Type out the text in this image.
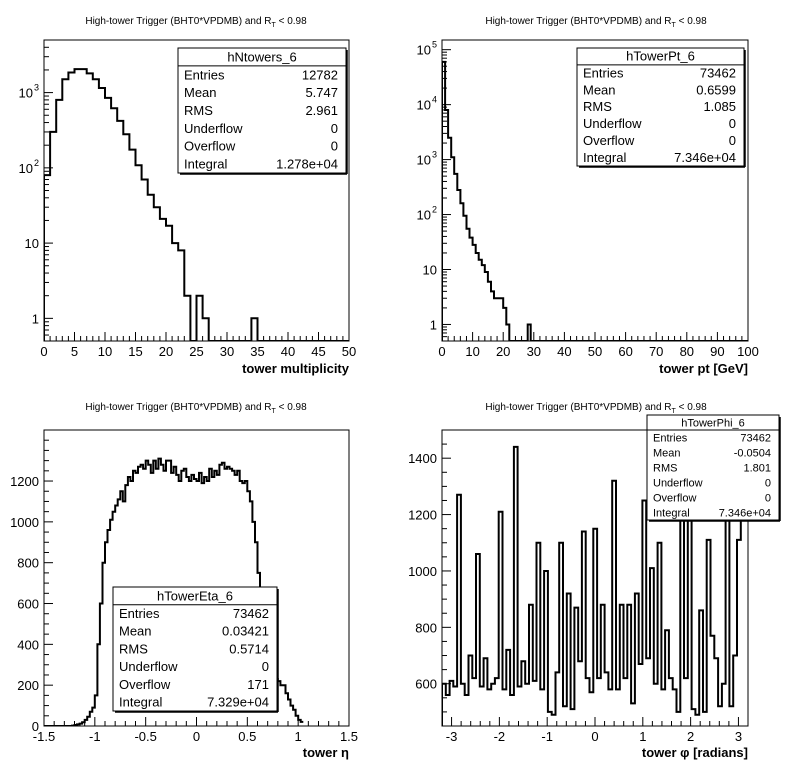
High-tower Trigger (BHT0*VPDMB) and $R_T < 0.98$
0 5 10 15 20 25 30 35 40 45 50
1
10
10 2
10 3
tower multiplicity
hNtowers_6
Entries	12782
Mean	5.747
RMS	2.961
Underflow	0
Overflow	0
Integral	1.278e+04
High-tower Trigger (BHT0*VPDMB) and $R_T < 0.98$
0 10 20 30 40 50 60 70 80 90 100
1
10
10 2
10 3
10 4
10 5
tower pt [GeV]
hTowerPt_6
Entries	73462
Mean	0.6599
RMS	1.085
Underflow	0
Overflow	0
Integral	7.346e+04
High-tower Trigger (BHT0*VPDMB) and $R_T < 0.98$
-1.5	-1	-0.5	0	0.5	1	1.5
0
200
400
600
800
1000
1200
tower η
hTowerEta_6
Entries	73462
Mean	0.03421
RMS	0.5714
Underflow	0
Overflow	171
Integral	7.329e+04
High-tower Trigger (BHT0*VPDMB) and $R_T < 0.98$
-3	-2	-1	0	1	2	3
600
800
1000
1200
1400
tower φ [radians]
hTowerPhi_6
Entries	73462
Mean	-0.0504
RMS	1.801
Underflow	0
Overflow	0
Integral	7.346e+04
